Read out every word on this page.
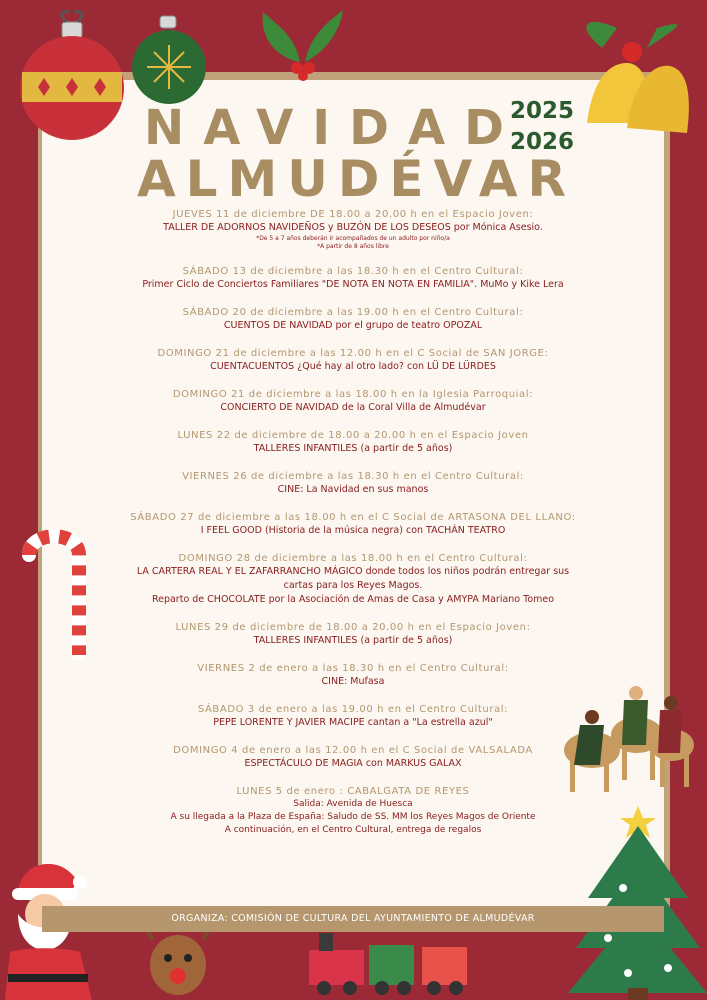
NAVIDAD
ALMUDÉVAR
2025
2026
JUEVES 11 de diciembre DE 18.00 a 20.00 h en el Espacio Joven:
TALLER DE ADORNOS NAVIDEÑOS y BUZÓN DE LOS DESEOS por Mónica Asesio.
*De 5 a 7 años deberán ir acompañados de un adulto por niño/a
*A partir de 8 años libre
SÁBADO 13 de diciembre a las 18.30 h en el Centro Cultural:
Primer Ciclo de Conciertos Familiares "DE NOTA EN NOTA EN FAMILIA". MuMo y Kike Lera
SÁBADO 20 de diciembre a las 19.00 h en el Centro Cultural:
CUENTOS DE NAVIDAD por el grupo de teatro OPOZAL
DOMINGO 21 de diciembre a las 12.00 h en el C Social de SAN JORGE:
CUENTACUENTOS ¿Qué hay al otro lado? con LÜ DE LÜRDES
DOMINGO 21 de diciembre a las 18.00 h en la Iglesia Parroquial:
CONCIERTO DE NAVIDAD de la Coral Villa de Almudévar
LUNES 22 de diciembre de 18.00 a 20.00 h en el Espacio Joven
TALLERES INFANTILES (a partir de 5 años)
VIERNES 26 de diciembre a las 18.30 h en el Centro Cultural:
CINE: La Navidad en sus manos
SÁBADO 27 de diciembre a las 18.00 h en el C Social de ARTASONA DEL LLANO:
I FEEL GOOD (Historia de la música negra) con TACHÁN TEATRO
DOMINGO 28 de diciembre a las 18.00 h en el Centro Cultural:
LA CARTERA REAL Y EL ZAFARRANCHO MÁGICO donde todos los niños podrán entregar sus cartas para los Reyes Magos.
Reparto de CHOCOLATE por la Asociación de Amas de Casa y AMYPA Mariano Tomeo
LUNES 29 de diciembre de 18.00 a 20.00 h en el Espacio Joven:
TALLERES INFANTILES (a partir de 5 años)
VIERNES 2 de enero a las 18.30 h en el Centro Cultural:
CINE: Mufasa
SÁBADO 3 de enero a las 19.00 h en el Centro Cultural:
PEPE LORENTE Y JAVIER MACIPE cantan a "La estrella azul"
DOMINGO 4 de enero a las 12.00 h en el C Social de VALSALADA
ESPECTÁCULO DE MAGIA con MARKUS GALAX
LUNES 5 de enero : CABALGATA DE REYES
Salida: Avenida de Huesca
A su llegada a la Plaza de España: Saludo de SS. MM los Reyes Magos de Oriente
A continuación, en el Centro Cultural, entrega de regalos
ORGANIZA: COMISIÓN DE CULTURA DEL AYUNTAMIENTO DE ALMUDÉVAR
